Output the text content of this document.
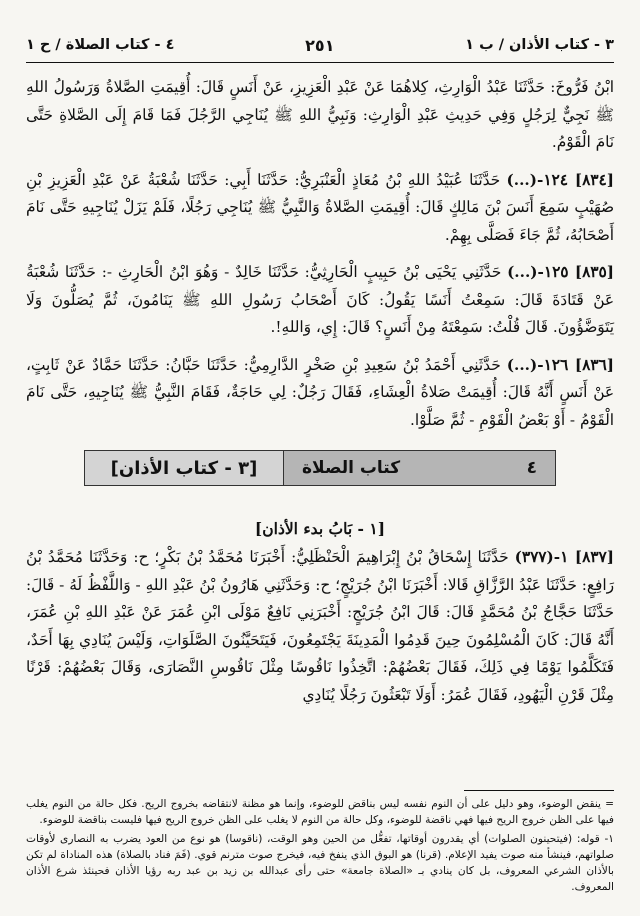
٣ - كتاب الأذان / ب ١
٢٥١
٤ - كتاب الصلاة / ح ١

ابْنُ فَرُّوخَ: حَدَّثَنَا عَبْدُ الْوَارِثِ، كِلاهُمَا عَنْ عَبْدِ الْعَزِيزِ، عَنْ أَنَسٍ قَالَ: أُقِيمَتِ الصَّلاةُ وَرَسُولُ اللهِ ﷺ نَجِيٌّ لِرَجُلٍ وَفِي حَدِيثِ عَبْدِ الْوَارِثِ: وَنَبِيُّ اللهِ ﷺ يُنَاجِي الرَّجُلَ فَمَا قَامَ إِلَى الصَّلاةِ حَتَّى نَامَ الْقَوْمُ.

[٨٣٤] ١٢٤-(...) حَدَّثَنَا عُبَيْدُ اللهِ بْنُ مُعَاذٍ الْعَنْبَرِيُّ: حَدَّثَنَا أَبِي: حَدَّثَنَا شُعْبَةُ عَنْ عَبْدِ الْعَزِيزِ بْنِ صُهَيْبٍ سَمِعَ أَنَسَ بْنَ مَالِكٍ قَالَ: أُقِيمَتِ الصَّلاةُ وَالنَّبِيُّ ﷺ يُنَاجِي رَجُلًا، فَلَمْ يَزَلْ يُنَاجِيهِ حَتَّى نَامَ أَصْحَابُهُ، ثُمَّ جَاءَ فَصَلَّى بِهِمْ.

[٨٣٥] ١٢٥-(...) حَدَّثَنِي يَحْيَى بْنُ حَبِيبٍ الْحَارِثِيُّ: حَدَّثَنَا خَالِدٌ - وَهُوَ ابْنُ الْحَارِثِ -: حَدَّثَنَا شُعْبَةُ عَنْ قَتَادَةَ قَالَ: سَمِعْتُ أَنَسًا يَقُولُ: كَانَ أَصْحَابُ رَسُولِ اللهِ ﷺ يَنَامُونَ، ثُمَّ يُصَلُّونَ وَلَا يَتَوَضَّؤُونَ. قَالَ قُلْتُ: سَمِعْتَهُ مِنْ أَنَسٍ؟ قَالَ: إِي، وَاللهِ!.

[٨٣٦] ١٢٦-(...) حَدَّثَنِي أَحْمَدُ بْنُ سَعِيدِ بْنِ صَخْرٍ الدَّارِمِيُّ: حَدَّثَنَا حَبَّانُ: حَدَّثَنَا حَمَّادٌ عَنْ ثَابِتٍ، عَنْ أَنَسٍ أَنَّهُ قَالَ: أُقِيمَتْ صَلاةُ الْعِشَاءِ، فَقَالَ رَجُلٌ: لِي حَاجَةٌ، فَقَامَ النَّبِيُّ ﷺ يُنَاجِيهِ، حَتَّى نَامَ الْقَوْمُ - أَوْ بَعْضُ الْقَوْمِ - ثُمَّ صَلَّوْا.

٤
كتاب الصلاة
[٣ - كتاب الأذان]
[١ - بَابُ بدء الأذان]

[٨٣٧] ١-(٣٧٧) حَدَّثَنَا إِسْحَاقُ بْنُ إِبْرَاهِيمَ الْحَنْظَلِيُّ: أَخْبَرَنَا مُحَمَّدُ بْنُ بَكْرٍ؛ ح: وَحَدَّثَنَا مُحَمَّدُ بْنُ رَافِعٍ: حَدَّثَنَا عَبْدُ الرَّزَّاقِ قَالا: أَخْبَرَنَا ابْنُ جُرَيْجٍ؛ ح: وَحَدَّثَنِي هَارُونُ بْنُ عَبْدِ اللهِ - وَاللَّفْظُ لَهُ - قَالَ: حَدَّثَنَا حَجَّاجُ بْنُ مُحَمَّدٍ قَالَ: قَالَ ابْنُ جُرَيْجٍ: أَخْبَرَنِي نَافِعٌ مَوْلَى ابْنِ عُمَرَ عَنْ عَبْدِ اللهِ بْنِ عُمَرَ، أَنَّهُ قَالَ: كَانَ الْمُسْلِمُونَ حِينَ قَدِمُوا الْمَدِينَةَ يَجْتَمِعُونَ، فَيَتَحَيَّنُونَ الصَّلَوَاتِ، وَلَيْسَ يُنَادِي بِهَا أَحَدٌ، فَتَكَلَّمُوا يَوْمًا فِي ذَلِكَ، فَقَالَ بَعْضُهُمْ: اتَّخِذُوا نَاقُوسًا مِثْلَ نَاقُوسِ النَّصَارَى، وَقَالَ بَعْضُهُمْ: قَرْنًا مِثْلَ قَرْنِ الْيَهُودِ، فَقَالَ عُمَرُ: أَوَلَا تَبْعَثُونَ رَجُلًا يُنَادِي

= ينقض الوضوء، وهو دليل على أن النوم نفسه ليس بناقض للوضوء، وإنما هو مظنة لانتقاضه بخروج الريح. فكل حالة من النوم يغلب فيها على الظن خروج الريح فيها فهي ناقضة للوضوء، وكل حالة من النوم لا يغلب على الظن خروج الريح فيها فليست بناقضة للوضوء.

١- قوله: (فيتحينون الصلوات) أي يقدرون أوقاتها، تفعُّل من الحين وهو الوقت، (ناقوسا) هو نوع من العود يضرب به النصارى لأوقات صلواتهم، فينشأ منه صوت يفيد الإعلام. (قرنا) هو البوق الذي ينفخ فيه، فيخرج صوت مترنم قوي. (فَمَ فناد بالصلاة) هذه المناداة لم تكن بالأذان الشرعي المعروف، بل كان ينادي بـ «الصلاة جامعة» حتى رأى عبدالله بن زيد بن عبد ربه رؤيا الأذان فحينئذ شرع الأذان المعروف.
